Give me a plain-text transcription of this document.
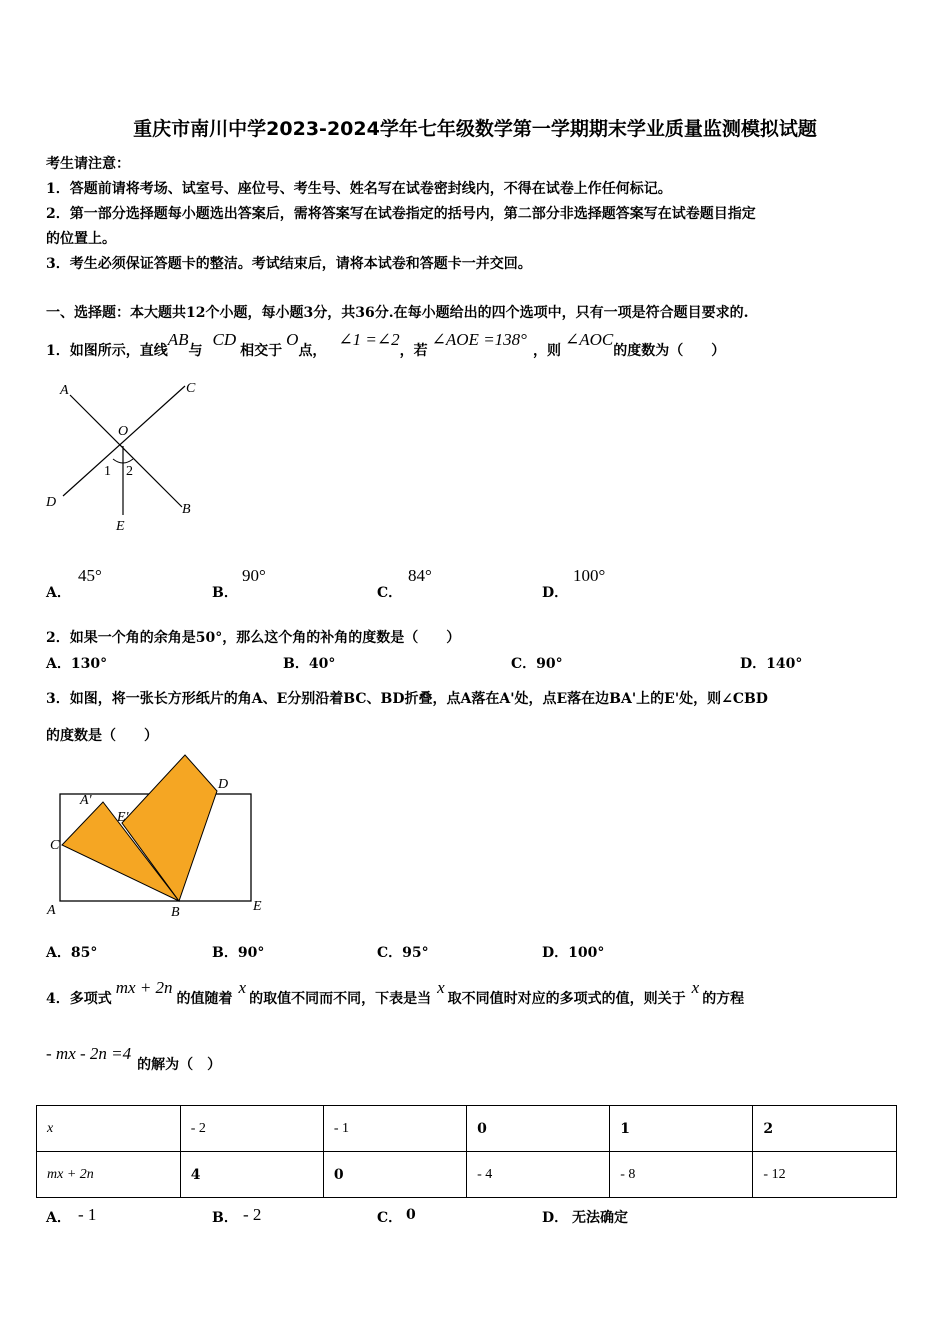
重庆市南川中学2023-2024学年七年级数学第一学期期末学业质量监测模拟试题
考生请注意：
1．答题前请将考场、试室号、座位号、考生号、姓名写在试卷密封线内，不得在试卷上作任何标记。
2．第一部分选择题每小题选出答案后，需将答案写在试卷指定的括号内，第二部分非选择题答案写在试卷题目指定
的位置上。
3．考生必须保证答题卡的整洁。考试结束后，请将本试卷和答题卡一并交回。
一、选择题：本大题共12个小题，每小题3分，共36分.在每小题给出的四个选项中，只有一项是符合题目要求的.
1．如图所示，直线AB与CD相交于O点，∠1 =∠2，若∠AOE =138°，则∠AOC的度数为（　　）
A	C
O
1 2
D	B
E
A．
45°
B．
90°
C．
84°
D．
100°
2．如果一个角的余角是50°，那么这个角的补角的度数是（　　）
A．130°	B．40°	C．90°	D．140°
3．如图，将一张长方形纸片的角A、E分别沿着BC、BD折叠，点A落在A'处，点E落在边BA'上的E'处，则∠CBD
的度数是（　　）
C
A'
E'
D
A	B	E
A．85°	B．90°	C．95°	D．100°
4．多项式mx + 2n的值随着x的取值不同而不同，下表是当x取不同值时对应的多项式的值，则关于x的方程
- mx - 2n =4的解为（　）
x	- 2	- 1	0	1	2
mx + 2n	4	0	- 4	- 8	- 12
A． - 1	B． - 2	C． 0	D． 无法确定
